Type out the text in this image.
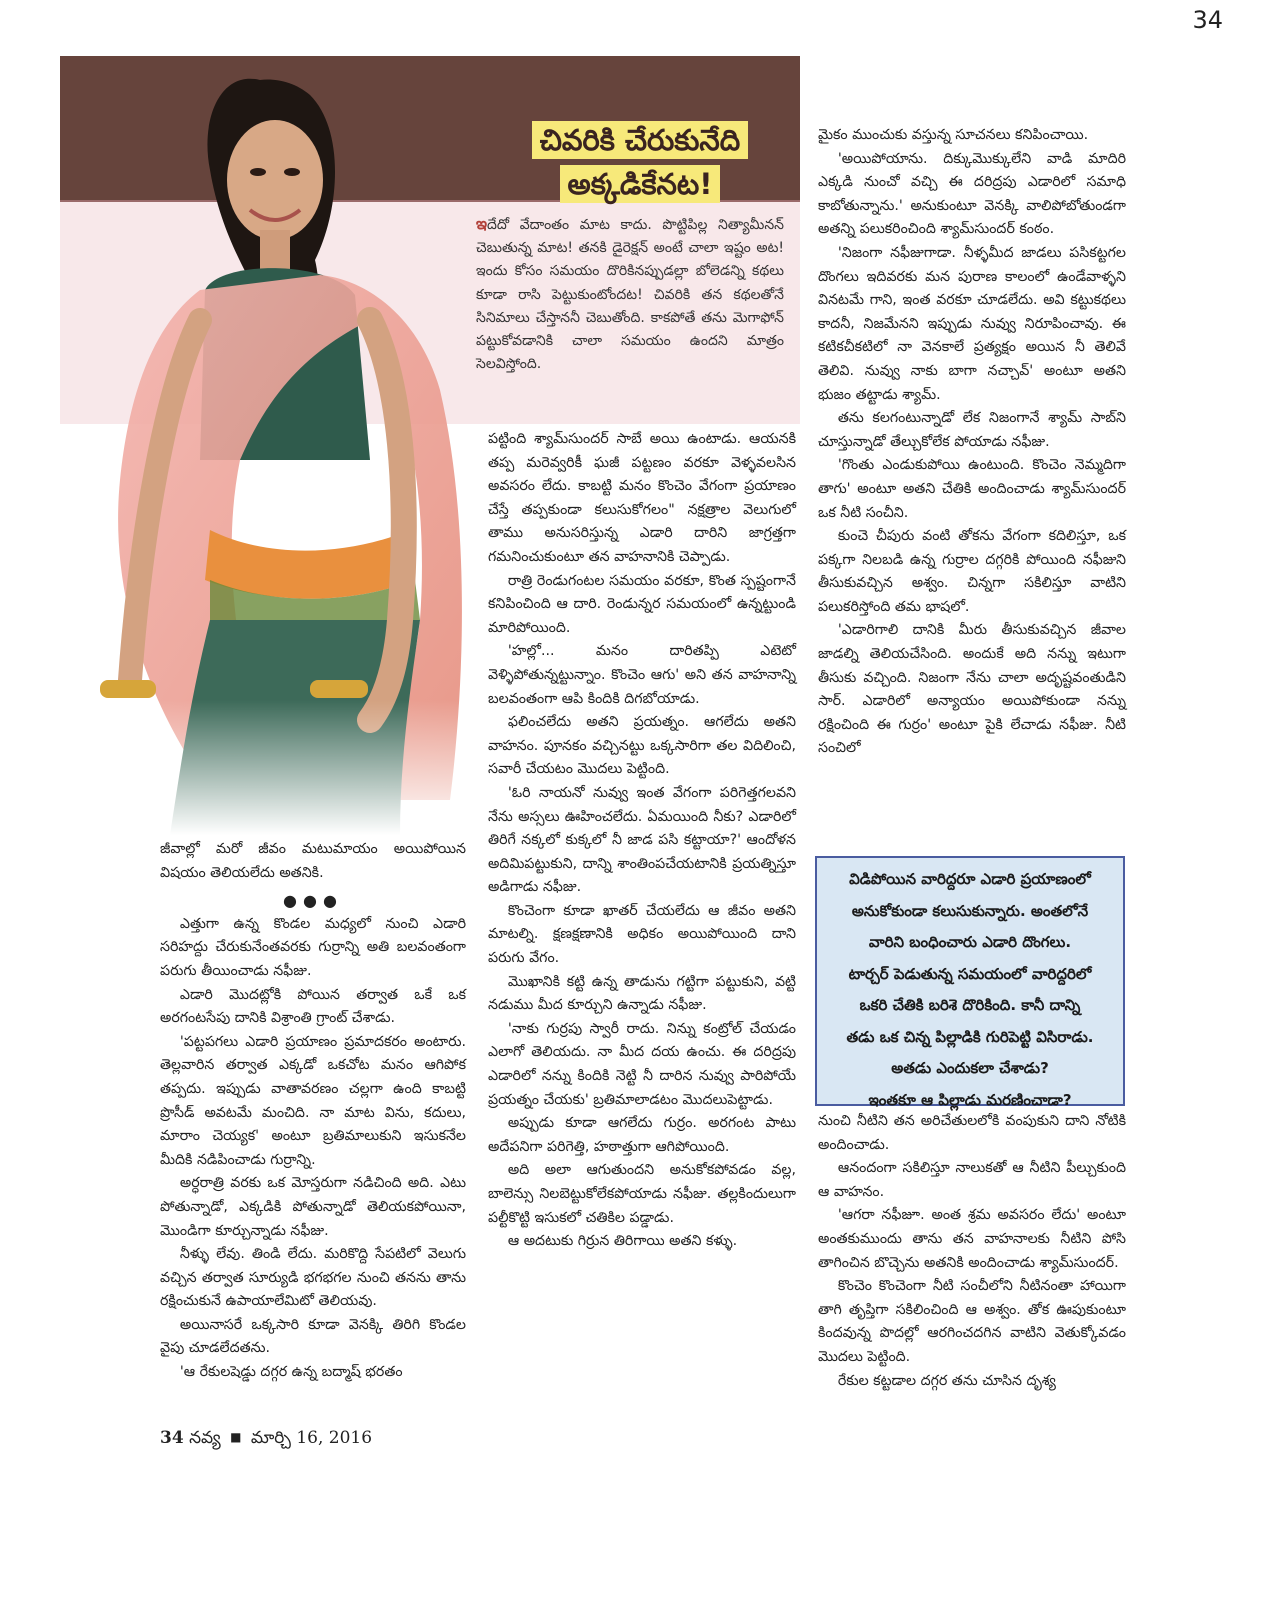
34
చివరికి చేరుకునేది
అక్కడికేనట!
ఇదేదో వేదాంతం మాట కాదు. పొట్టిపిల్ల నిత్యామీనన్ చెబుతున్న మాట! తనకి డైరెక్షన్ అంటే చాలా ఇష్టం అట! ఇందు కోసం సమయం దొరికినప్పుడల్లా బోలెడన్ని కథలు కూడా రాసి పెట్టుకుంటోందట! చివరికి తన కథలతోనే సినిమాలు చేస్తాననీ చెబుతోంది. కాకపోతే తను మెగాఫోన్ పట్టుకోవడానికి చాలా సమయం ఉందని మాత్రం సెలవిస్తోంది.

జీవాల్లో మరో జీవం మటుమాయం అయిపోయిన విషయం తెలియలేదు అతనికి.

●●●

ఎత్తుగా ఉన్న కొండల మధ్యలో నుంచి ఎడారి సరిహద్దు చేరుకునేంతవరకు గుర్రాన్ని అతి బలవంతంగా పరుగు తీయించాడు నఫీజు.

ఎడారి మొదట్లోకి పోయిన తర్వాత ఒకే ఒక అరగంటసేపు దానికి విశ్రాంతి గ్రాంట్ చేశాడు.

'పట్టపగలు ఎడారి ప్రయాణం ప్రమాదకరం అంటారు. తెల్లవారిన తర్వాత ఎక్కడో ఒకచోట మనం ఆగిపోక తప్పదు. ఇప్పుడు వాతావరణం చల్లగా ఉంది కాబట్టి ప్రొసీడ్ అవటమే మంచిది. నా మాట విను, కదులు, మారాం చెయ్యక' అంటూ బ్రతిమాలుకుని ఇసుకనేల మీదికి నడిపించాడు గుర్రాన్ని.

అర్ధరాత్రి వరకు ఒక మోస్తరుగా నడిచింది అది. ఎటు పోతున్నాడో, ఎక్కడికి పోతున్నాడో తెలియకపోయినా, మొండిగా కూర్చున్నాడు నఫీజు.

నీళ్ళు లేవు. తిండి లేదు. మరికొద్ది సేపటిలో వెలుగు వచ్చిన తర్వాత సూర్యుడి భగభగల నుంచి తనను తాను రక్షించుకునే ఉపాయాలేమిటో తెలియవు.

అయినాసరే ఒక్కసారి కూడా వెనక్కి తిరిగి కొండల వైపు చూడలేదతను.

'ఆ రేకులషెడ్డు దగ్గర ఉన్న బద్మాష్ భరతం

పట్టింది శ్యామ్‌సుందర్ సాబే అయి ఉంటాడు. ఆయనకి తప్ప మరెవ్వరికీ ఘజీ పట్టణం వరకూ వెళ్ళవలసిన అవసరం లేదు. కాబట్టి మనం కొంచెం వేగంగా ప్రయాణం చేస్తే తప్పకుండా కలుసుకోగలం" నక్షత్రాల వెలుగులో తాము అనుసరిస్తున్న ఎడారి దారిని జాగ్రత్తగా గమనించుకుంటూ తన వాహనానికి చెప్పాడు.

రాత్రి రెండుగంటల సమయం వరకూ, కొంత స్పష్టంగానే కనిపించింది ఆ దారి. రెండున్నర సమయంలో ఉన్నట్టుండి మారిపోయింది.

'హల్లో... మనం దారితప్పి ఎటెటో వెళ్ళిపోతున్నట్టున్నాం. కొంచెం ఆగు' అని తన వాహనాన్ని బలవంతంగా ఆపి కిందికి దిగబోయాడు.

ఫలించలేదు అతని ప్రయత్నం. ఆగలేదు అతని వాహనం. పూనకం వచ్చినట్టు ఒక్కసారిగా తల విదిలించి, సవారీ చేయటం మొదలు పెట్టింది.

'ఓరి నాయనో నువ్వు ఇంత వేగంగా పరిగెత్తగలవని నేను అస్సలు ఊహించలేదు. ఏమయింది నీకు? ఎడారిలో తిరిగే నక్కలో కుక్కలో నీ జాడ పసి కట్టాయా?' ఆందోళన అదిమిపట్టుకుని, దాన్ని శాంతింపచేయటానికి ప్రయత్నిస్తూ అడిగాడు నఫీజు.

కొంచెంగా కూడా ఖాతర్ చేయలేదు ఆ జీవం అతని మాటల్ని. క్షణక్షణానికి అధికం అయిపోయింది దాని పరుగు వేగం.

మొఖానికి కట్టి ఉన్న తాడును గట్టిగా పట్టుకుని, వట్టి నడుము మీద కూర్చుని ఉన్నాడు నఫీజు.

'నాకు గుర్రపు స్వారీ రాదు. నిన్ను కంట్రోల్ చేయడం ఎలాగో తెలియదు. నా మీద దయ ఉంచు. ఈ దరిద్రపు ఎడారిలో నన్ను కిందికి నెట్టి నీ దారిన నువ్వు పారిపోయే ప్రయత్నం చేయకు' బ్రతిమాలాడటం మొదలుపెట్టాడు.

అప్పుడు కూడా ఆగలేదు గుర్రం. అరగంట పాటు అదేపనిగా పరిగెత్తి, హఠాత్తుగా ఆగిపోయింది.

అది అలా ఆగుతుందని అనుకోకపోవడం వల్ల, బాలెన్సు నిలబెట్టుకోలేకపోయాడు నఫీజు. తల్లకిందులుగా పల్టీకొట్టి ఇసుకలో చతికిల పడ్డాడు.

ఆ అదటుకు గిర్రున తిరిగాయి అతని కళ్ళు.

మైకం ముంచుకు వస్తున్న సూచనలు కనిపించాయి.

'అయిపోయాను. దిక్కుమొక్కులేని వాడి మాదిరి ఎక్కడి నుంచో వచ్చి ఈ దరిద్రపు ఎడారిలో సమాధి కాబోతున్నాను.' అనుకుంటూ వెనక్కి వాలిపోబోతుండగా అతన్ని పలుకరించింది శ్యామ్‌సుందర్ కంఠం.

'నిజంగా నఫీజుగాడా. నీళ్ళమీద జాడలు పసికట్టగల దొంగలు ఇదివరకు మన పురాణ కాలంలో ఉండేవాళ్ళని వినటమే గాని, ఇంత వరకూ చూడలేదు. అవి కట్టుకథలు కాదనీ, నిజమేనని ఇప్పుడు నువ్వు నిరూపించావు. ఈ కటికచీకటిలో నా వెనకాలే ప్రత్యక్షం అయిన నీ తెలివే తెలివి. నువ్వు నాకు బాగా నచ్చావ్' అంటూ అతని భుజం తట్టాడు శ్యామ్.

తను కలగంటున్నాడో లేక నిజంగానే శ్యామ్ సాబ్‌ని చూస్తున్నాడో తేల్చుకోలేక పోయాడు నఫీజు.

'గొంతు ఎండుకుపోయి ఉంటుంది. కొంచెం నెమ్మదిగా తాగు' అంటూ అతని చేతికి అందించాడు శ్యామ్‌సుందర్ ఒక నీటి సంచీని.

కుంచె చీపురు వంటి తోకను వేగంగా కదిలిస్తూ, ఒక పక్కగా నిలబడి ఉన్న గుర్రాల దగ్గరికి పోయింది నఫీజుని తీసుకువచ్చిన అశ్వం. చిన్నగా సకిలిస్తూ వాటిని పలుకరిస్తోంది తమ భాషలో.

'ఎడారిగాలి దానికి మీరు తీసుకువచ్చిన జీవాల జాడల్ని తెలియచేసింది. అందుకే అది నన్ను ఇటుగా తీసుకు వచ్చింది. నిజంగా నేను చాలా అదృష్టవంతుడిని సార్. ఎడారిలో అన్యాయం అయిపోకుండా నన్ను రక్షించింది ఈ గుర్రం' అంటూ పైకి లేచాడు నఫీజు. నీటి సంచిలో

విడిపోయిన వారిద్దరూ ఎడారి ప్రయాణంలో
అనుకోకుండా కలుసుకున్నారు. అంతలోనే
వారిని బంధించారు ఎడారి దొంగలు.
టార్చర్ పెడుతున్న సమయంలో వారిద్దరిలో
ఒకరి చేతికి బరిశె దొరికింది. కానీ దాన్ని
తడు ఒక చిన్న పిల్లాడికి గురిపెట్టి విసిరాడు.
అతడు ఎందుకలా చేశాడు?
ఇంతకూ ఆ పిల్లాడు మరణించాడా?

నుంచి నీటిని తన అరిచేతులలోకి వంపుకుని దాని నోటికి అందించాడు.

ఆనందంగా సకిలిస్తూ నాలుకతో ఆ నీటిని పీల్చుకుంది ఆ వాహనం.

'ఆగరా నఫీజూ. అంత శ్రమ అవసరం లేదు' అంటూ అంతకుముందు తాను తన వాహనాలకు నీటిని పోసి తాగించిన బొచ్చెను అతనికి అందించాడు శ్యామ్‌సుందర్.

కొంచెం కొంచెంగా నీటి సంచీలోని నీటినంతా హాయిగా తాగి తృప్తిగా సకిలించింది ఆ అశ్వం. తోక ఊపుకుంటూ కిందవున్న పొదల్లో ఆరగించదగిన వాటిని వెతుక్కోవడం మొదలు పెట్టింది.

రేకుల కట్టడాల దగ్గర తను చూసిన దృశ్య

34 నవ్య ■ మార్చి 16, 2016
